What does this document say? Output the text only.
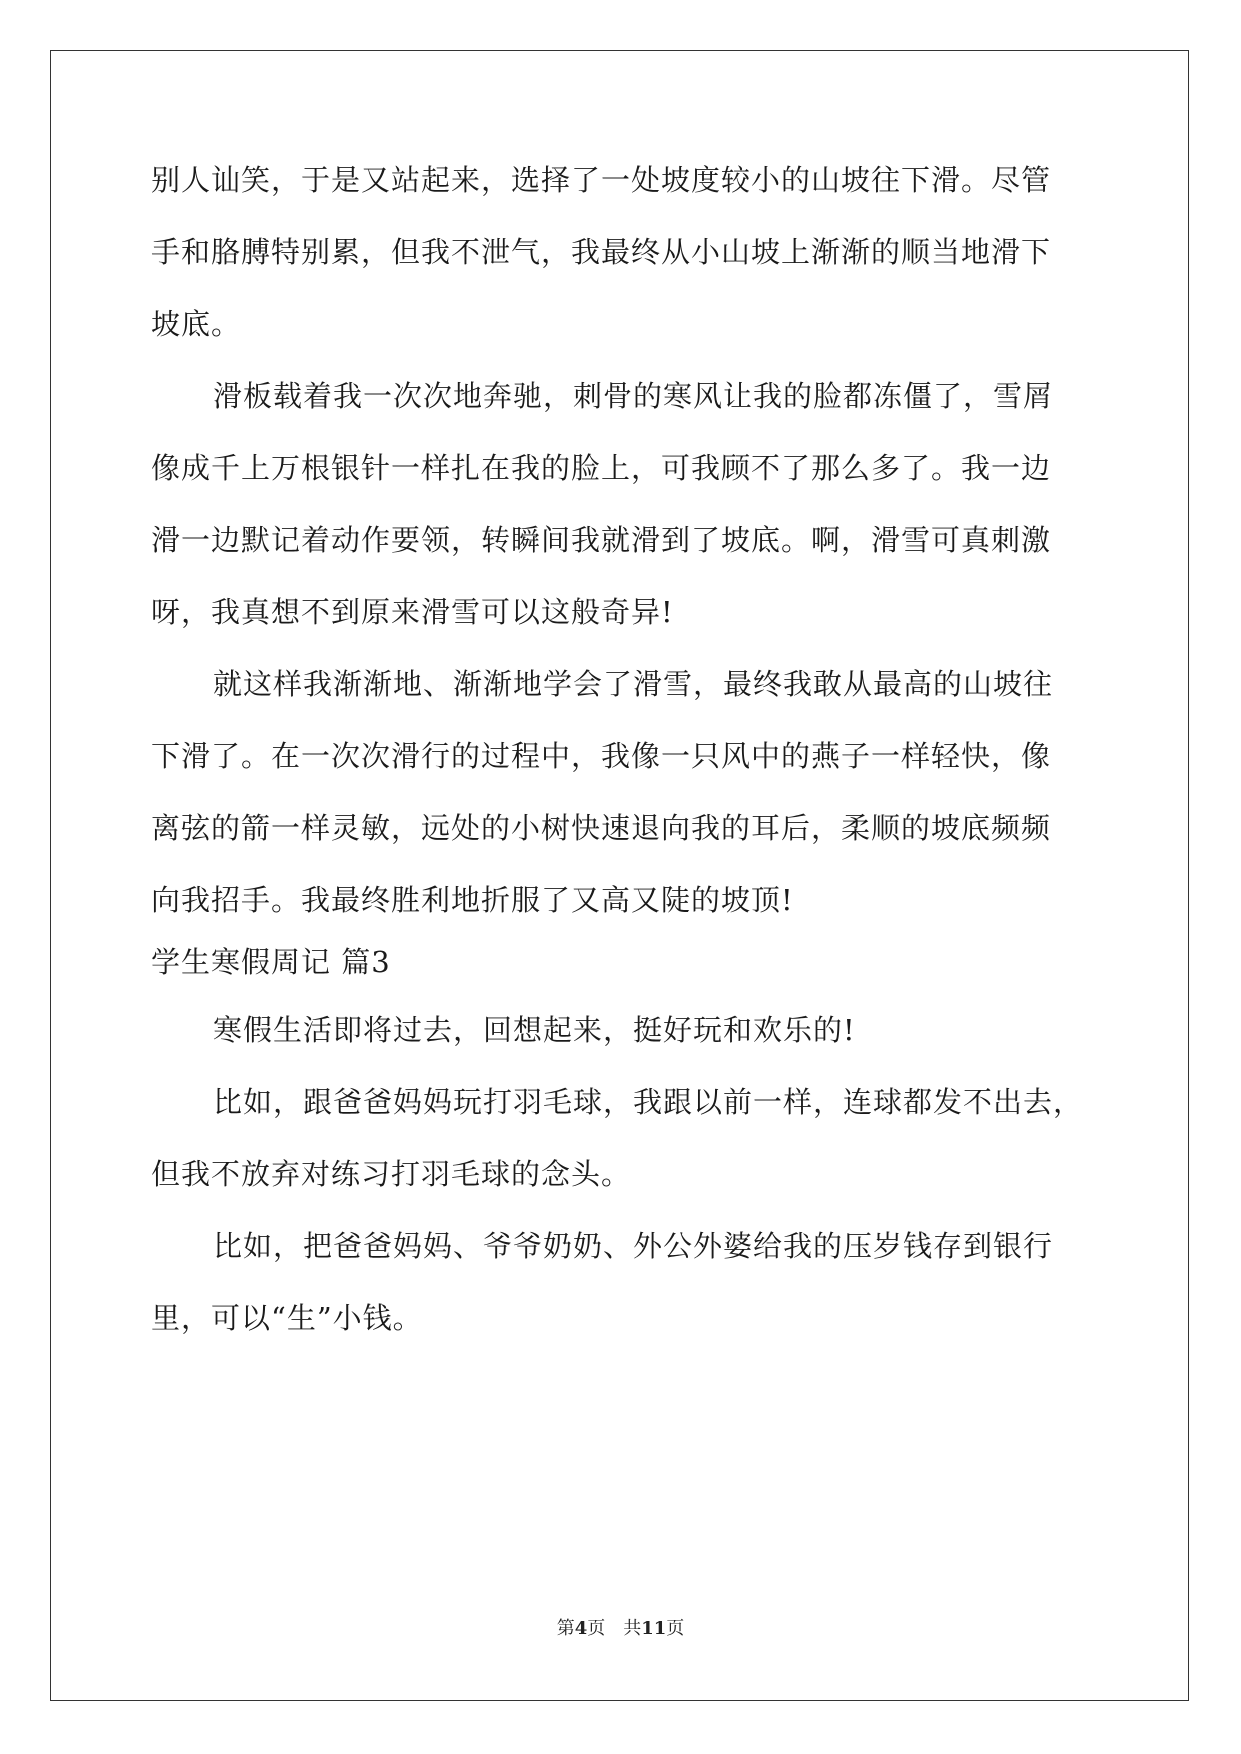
别人讪笑，于是又站起来，选择了一处坡度较小的山坡往下滑。尽管
手和胳膊特别累，但我不泄气，我最终从小山坡上渐渐的顺当地滑下
坡底。
滑板载着我一次次地奔驰，刺骨的寒风让我的脸都冻僵了，雪屑
像成千上万根银针一样扎在我的脸上，可我顾不了那么多了。我一边
滑一边默记着动作要领，转瞬间我就滑到了坡底。啊，滑雪可真刺激
呀，我真想不到原来滑雪可以这般奇异!
就这样我渐渐地、渐渐地学会了滑雪，最终我敢从最高的山坡往
下滑了。在一次次滑行的过程中，我像一只风中的燕子一样轻快，像
离弦的箭一样灵敏，远处的小树快速退向我的耳后，柔顺的坡底频频
向我招手。我最终胜利地折服了又高又陡的坡顶!
学生寒假周记 篇3
寒假生活即将过去，回想起来，挺好玩和欢乐的!
比如，跟爸爸妈妈玩打羽毛球，我跟以前一样，连球都发不出去，
但我不放弃对练习打羽毛球的念头。
比如，把爸爸妈妈、爷爷奶奶、外公外婆给我的压岁钱存到银行
里，可以“生”小钱。
第4页　共11页
